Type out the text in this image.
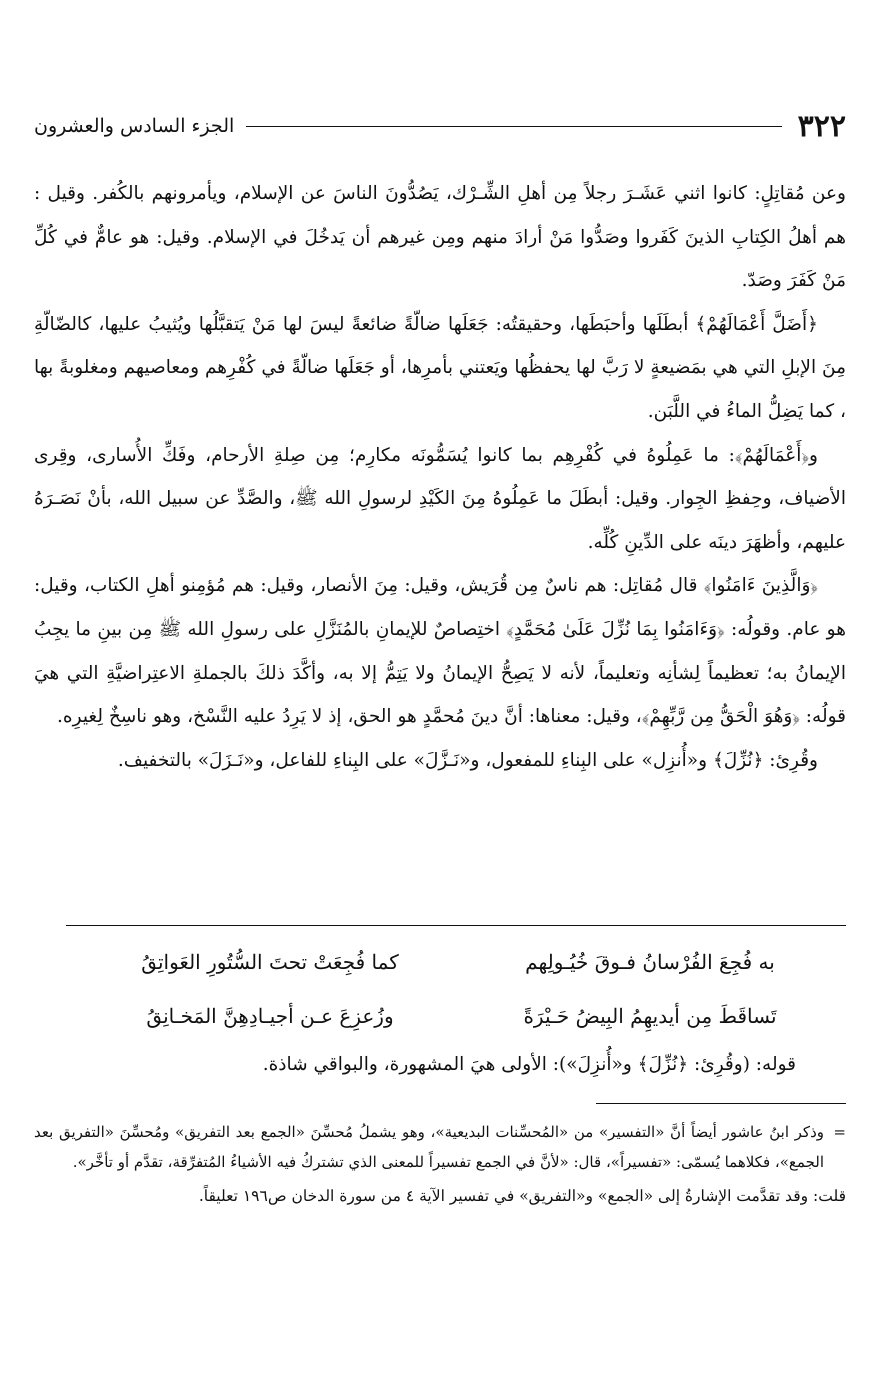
٣٢٢
الجزء السادس والعشرون

وعن مُقاتِلٍ: كانوا اثني عَشَـرَ رجلاً مِن أهلِ الشِّـرْك، يَصُدُّونَ الناسَ عن الإسلام، ويأمرونهم بالكُفر. وقيل : هم أهلُ الكِتابِ الذينَ كَفَروا وصَدُّوا مَنْ أرادَ منهم ومِن غيرهم أن يَدخُلَ في الإسلام. وقيل: هو عامٌّ في كُلِّ مَنْ كَفَرَ وصَدّ.

﴿أَضَلَّ أَعْمَالَهُمْ﴾ أبطَلَها وأحبَطَها، وحقيقتُه: جَعَلَها ضالّةً ضائعةً ليسَ لها مَنْ يَتقبَّلُها ويُثيبُ عليها، كالضّالّةِ مِنَ الإبلِ التي هي بمَضيعةٍ لا رَبَّ لها يحفظُها ويَعتني بأمرِها، أو جَعَلَها ضالّةً في كُفْرِهم ومعاصيهم ومغلوبةً بها ، كما يَضِلُّ الماءُ في اللَّبَن.

و﴿أَعْمَالَهُمْ﴾: ما عَمِلُوهُ في كُفْرِهِم بما كانوا يُسَمُّونَه مكارِم؛ مِن صِلةِ الأرحام، وفَكِّ الأُسارى، وقِرى الأضياف، وحِفظِ الجِوار. وقيل: أبطَلَ ما عَمِلُوهُ مِنَ الكَيْدِ لرسولِ الله ﷺ، والصَّدِّ عن سبيل الله، بأنْ نَصَـرَهُ عليهم، وأظهَرَ دينَه على الدِّينِ كُلِّه.

﴿وَالَّذِينَ ءَامَنُوا﴾ قال مُقاتِل: هم ناسٌ مِن قُرَيش، وقيل: مِنَ الأنصار، وقيل: هم مُؤمِنو أهلِ الكتاب، وقيل: هو عام. وقولُه: ﴿وَءَامَنُوا بِمَا نُزِّلَ عَلَىٰ مُحَمَّدٍ﴾ اختِصاصٌ للإيمانِ بالمُنَزَّلِ على رسولِ الله ﷺ مِن بينِ ما يجِبُ الإيمانُ به؛ تعظيماً لِشأنِه وتعليماً، لأنه لا يَصِحُّ الإيمانُ ولا يَتِمُّ إلا به، وأكَّدَ ذلكَ بالجملةِ الاعتِراضيَّةِ التي هيَ قولُه: ﴿وَهُوَ الْحَقُّ مِن رَّبِّهِمْ﴾، وقيل: معناها: أنَّ دينَ مُحمَّدٍ هو الحق، إذ لا يَرِدُ عليه النَّسْخ، وهو ناسِخٌ لِغيرِه.

وقُرِئ: ﴿نُزِّلَ﴾ و«أُنزِل» على البِناءِ للمفعول، و«نَـزَّلَ» على البِناءِ للفاعل، و«نَـزَلَ» بالتخفيف.

به فُجِعَ الفُرْسانُ فـوقَ خُيُـولِهم
كما فُجِعَتْ تحتَ السُّتُورِ العَواتِقُ
تَساقَطَ مِن أيديهِمُ البِيضُ حَـيْرَةً
وزُعزِعَ عـن أجيـادِهِنَّ المَخـانِقُ
قوله: (وقُرِئ: ﴿نُزِّلَ﴾ و«أُنزِلَ»): الأولى هيَ المشهورة، والبواقي شاذة.

=
وذكر ابنُ عاشور أيضاً أنَّ «التفسير» من «المُحسِّنات البديعية»، وهو يشملُ مُحسِّنَ «الجمع بعد التفريق» ومُحسِّنَ «التفريق بعد الجمع»، فكلاهما يُسمّى: «تفسيراً»، قال: «لأنَّ في الجمع تفسيراً للمعنى الذي تشتركُ فيه الأشياءُ المُتفرِّقة، تقدَّم أو تأخَّر».

قلت: وقد تقدَّمت الإشارةُ إلى «الجمع» و«التفريق» في تفسير الآية ٤ من سورة الدخان ص١٩٦ تعليقاً.
